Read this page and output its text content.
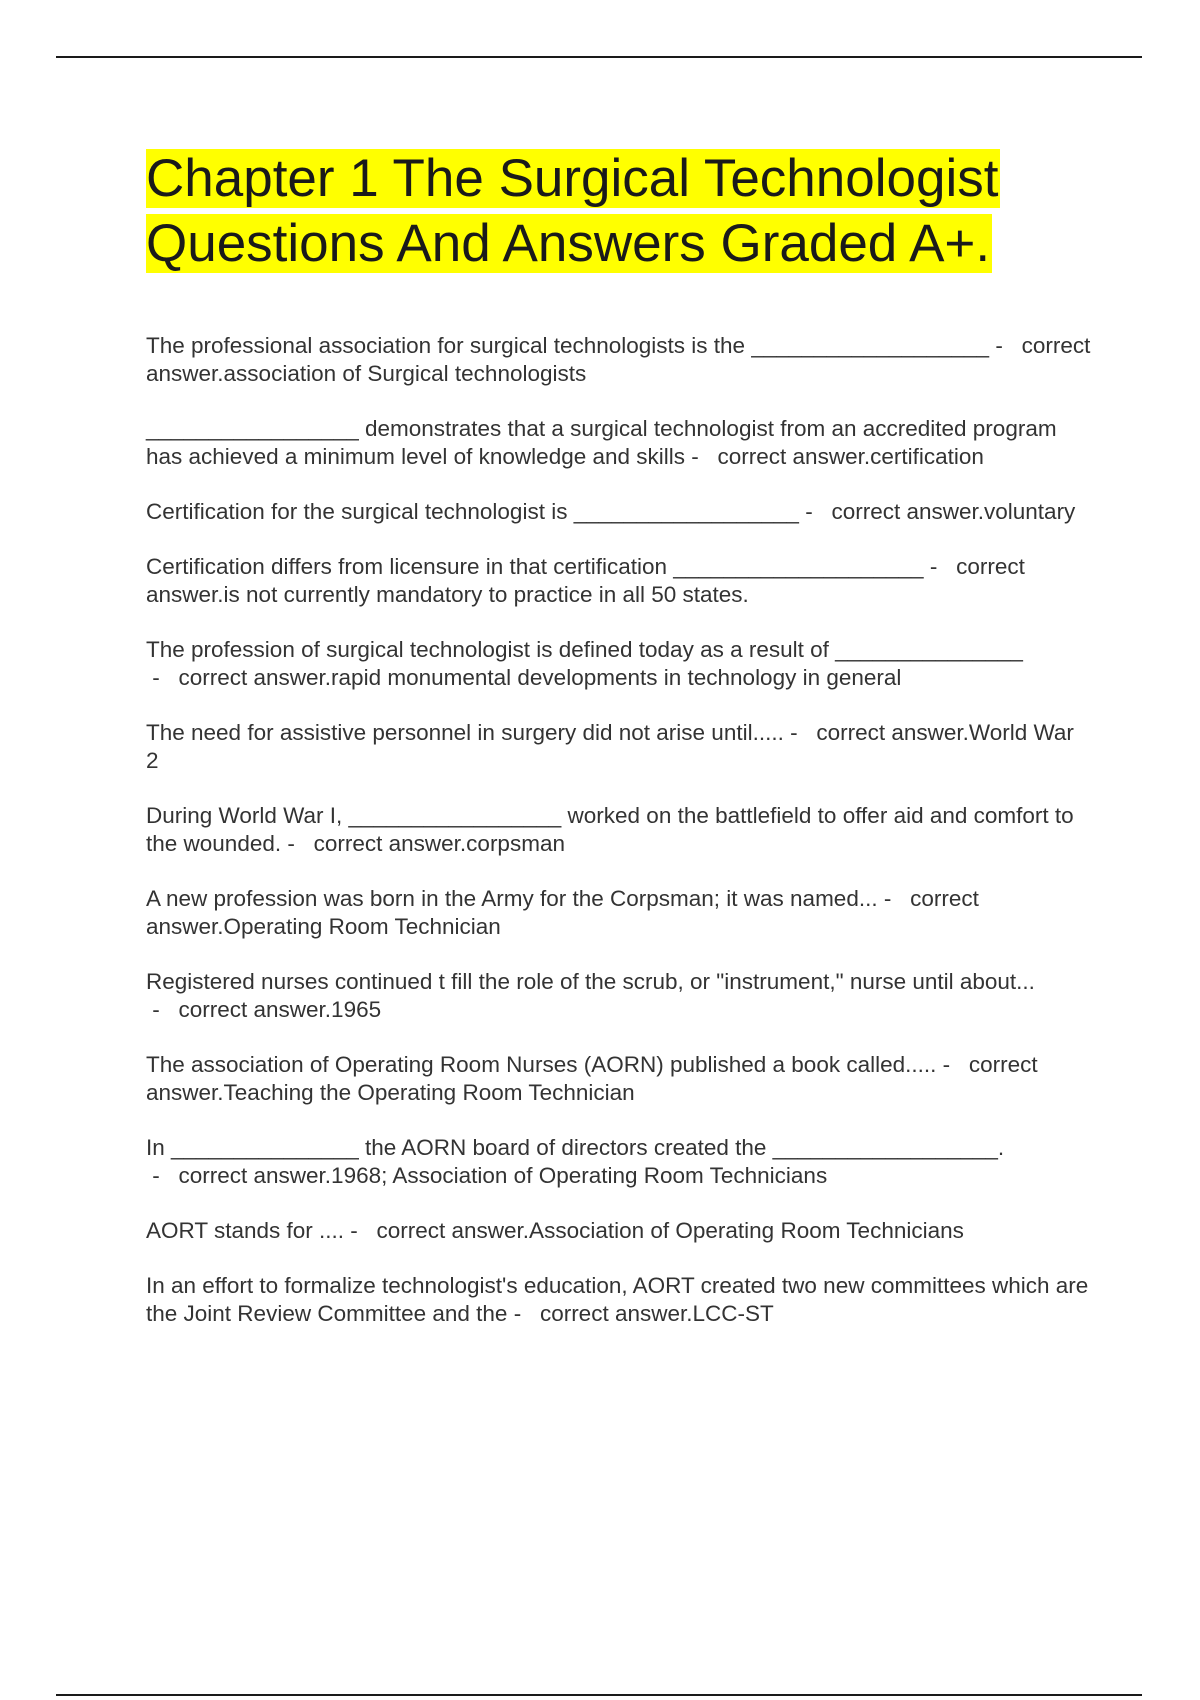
Chapter 1 The Surgical Technologist Questions And Answers Graded A+.
The professional association for surgical technologists is the ___________________ -   correct answer.association of Surgical technologists
_________________ demonstrates that a surgical technologist from an accredited program has achieved a minimum level of knowledge and skills -   correct answer.certification
Certification for the surgical technologist is __________________ -   correct answer.voluntary
Certification differs from licensure in that certification ____________________ -   correct answer.is not currently mandatory to practice in all 50 states.
The profession of surgical technologist is defined today as a result of _______________ -   correct answer.rapid monumental developments in technology in general
The need for assistive personnel in surgery did not arise until..... -   correct answer.World War 2
During World War I, _________________ worked on the battlefield to offer aid and comfort to the wounded. -   correct answer.corpsman
A new profession was born in the Army for the Corpsman; it was named... -   correct answer.Operating Room Technician
Registered nurses continued t fill the role of the scrub, or "instrument," nurse until about... -   correct answer.1965
The association of Operating Room Nurses (AORN) published a book called..... -   correct answer.Teaching the Operating Room Technician
In _______________ the AORN board of directors created the __________________. -   correct answer.1968; Association of Operating Room Technicians
AORT stands for .... -   correct answer.Association of Operating Room Technicians
In an effort to formalize technologist's education, AORT created two new committees which are the Joint Review Committee and the -   correct answer.LCC-ST
